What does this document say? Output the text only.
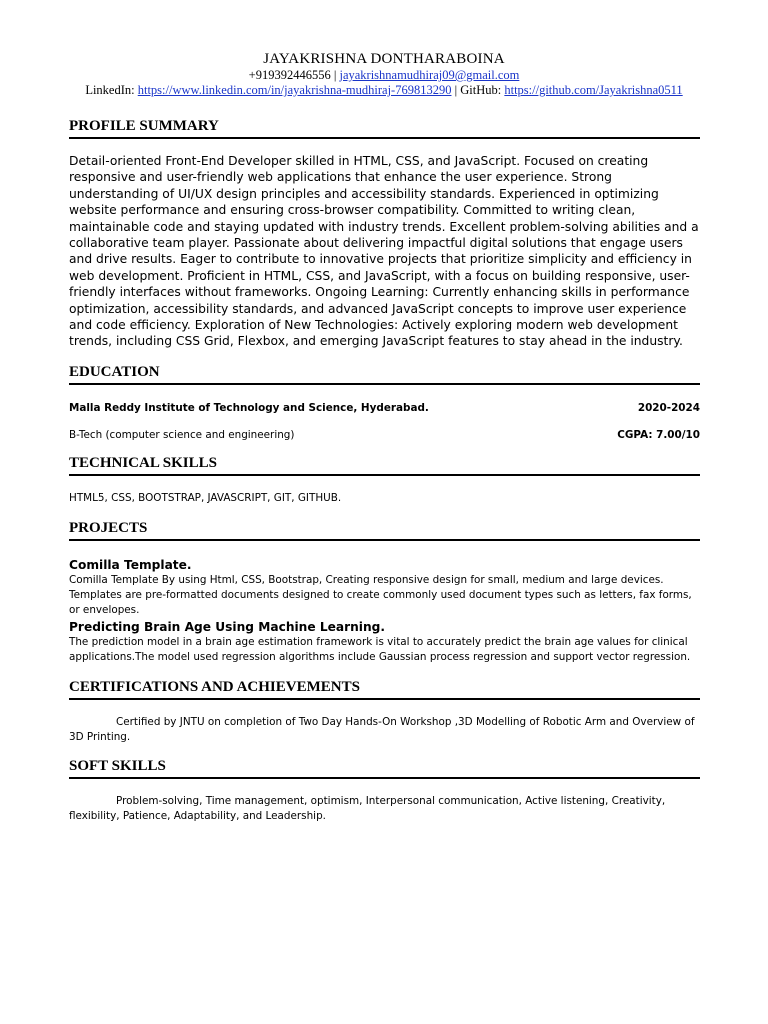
JAYAKRISHNA DONTHARABOINA
+919392446556 | jayakrishnamudhiraj09@gmail.com
LinkedIn: https://www.linkedin.com/in/jayakrishna-mudhiraj-769813290 | GitHub: https://github.com/Jayakrishna0511
PROFILE SUMMARY
Detail-oriented Front-End Developer skilled in HTML, CSS, and JavaScript. Focused on creating responsive and user-friendly web applications that enhance the user experience. Strong understanding of UI/UX design principles and accessibility standards. Experienced in optimizing website performance and ensuring cross-browser compatibility. Committed to writing clean, maintainable code and staying updated with industry trends. Excellent problem-solving abilities and a collaborative team player. Passionate about delivering impactful digital solutions that engage users and drive results. Eager to contribute to innovative projects that prioritize simplicity and efficiency in web development. Proficient in HTML, CSS, and JavaScript, with a focus on building responsive, user-friendly interfaces without frameworks. Ongoing Learning: Currently enhancing skills in performance optimization, accessibility standards, and advanced JavaScript concepts to improve user experience and code efficiency. Exploration of New Technologies: Actively exploring modern web development trends, including CSS Grid, Flexbox, and emerging JavaScript features to stay ahead in the industry.
EDUCATION
Malla Reddy Institute of Technology and Science, Hyderabad.	2020-2024
B-Tech (computer science and engineering)	CGPA: 7.00/10
TECHNICAL SKILLS
HTML5, CSS, BOOTSTRAP, JAVASCRIPT, GIT, GITHUB.
PROJECTS
Comilla Template.
Comilla Template By using Html, CSS, Bootstrap, Creating responsive design for small, medium and large devices. Templates are pre-formatted documents designed to create commonly used document types such as letters, fax forms, or envelopes.
Predicting Brain Age Using Machine Learning.
The prediction model in a brain age estimation framework is vital to accurately predict the brain age values for clinical applications.The model used regression algorithms include Gaussian process regression and support vector regression.
CERTIFICATIONS AND ACHIEVEMENTS
Certified by JNTU on completion of Two Day Hands-On Workshop ,3D Modelling of Robotic Arm and Overview of 3D Printing.
SOFT SKILLS
Problem-solving, Time management, optimism, Interpersonal communication, Active listening, Creativity, flexibility, Patience, Adaptability, and Leadership.
